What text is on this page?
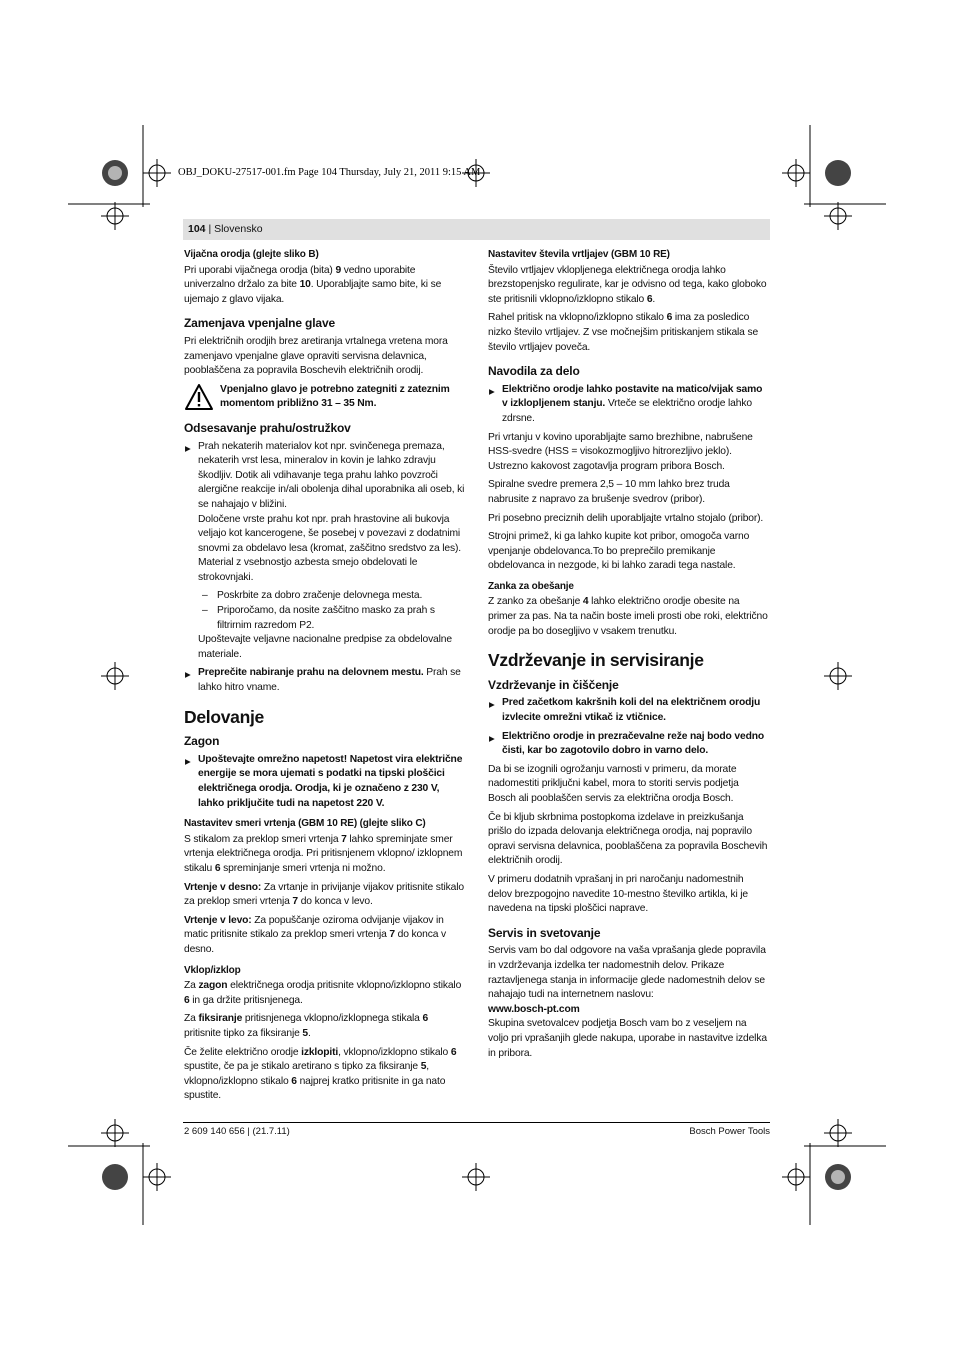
OBJ_DOKU-27517-001.fm Page 104 Thursday, July 21, 2011 9:15 AM
104 | Slovensko
Vijačna orodja (glejte sliko B)

Pri uporabi vijačnega orodja (bita) 9 vedno uporabite univerzalno držalo za bite 10. Uporabljajte samo bite, ki se ujemajo z glavo vijaka.

Zamenjava vpenjalne glave

Pri električnih orodjih brez aretiranja vrtalnega vretena mora zamenjavo vpenjalne glave opraviti servisna delavnica, pooblaščena za popravila Boschevih električnih orodij.

Vpenjalno glavo je potrebno zategniti z zateznim momentom približno 31 – 35 Nm.
Odsesavanje prahu/ostružkov
▶ Prah nekaterih materialov kot npr. svinčenega premaza, nekaterih vrst lesa, mineralov in kovin je lahko zdravju škodljiv. Dotik ali vdihavanje tega prahu lahko povzroči alergične reakcije in/ali obolenja dihal uporabnika ali oseb, ki se nahajajo v bližini.
Določene vrste prahu kot npr. prah hrastovine ali bukovja veljajo kot kancerogene, še posebej v povezavi z dodatnimi snovmi za obdelavo lesa (kromat, zaščitno sredstvo za les). Material z vsebnostjo azbesta smejo obdelovati le strokovnjaki.
– Poskrbite za dobro zračenje delovnega mesta.
– Priporočamo, da nosite zaščitno masko za prah s filtrirnim razredom P2.

Upoštevajte veljavne nacionalne predpise za obdelovalne materiale.

▶ Preprečite nabiranje prahu na delovnem mestu. Prah se lahko hitro vname.
Delovanje
Zagon
▶ Upoštevajte omrežno napetost! Napetost vira električne energije se mora ujemati s podatki na tipski ploščici električnega orodja. Orodja, ki je označeno z 230 V, lahko priključite tudi na napetost 220 V.
Nastavitev smeri vrtenja (GBM 10 RE) (glejte sliko C)

S stikalom za preklop smeri vrtenja 7 lahko spreminjate smer vrtenja električnega orodja. Pri pritisnjenem vklopno/ izklopnem stikalu 6 spreminjanje smeri vrtenja ni možno.

Vrtenje v desno: Za vrtanje in privijanje vijakov pritisnite stikalo za preklop smeri vrtenja 7 do konca v levo.

Vrtenje v levo: Za popuščanje oziroma odvijanje vijakov in matic pritisnite stikalo za preklop smeri vrtenja 7 do konca v desno.

Vklop/izklop

Za zagon električnega orodja pritisnite vklopno/izklopno stikalo 6 in ga držite pritisnjenega.

Za fiksiranje pritisnjenega vklopno/izklopnega stikala 6 pritisnite tipko za fiksiranje 5.

Če želite električno orodje izklopiti, vklopno/izklopno stikalo 6 spustite, če pa je stikalo aretirano s tipko za fiksiranje 5, vklopno/izklopno stikalo 6 najprej kratko pritisnite in ga nato spustite.

Nastavitev števila vrtljajev (GBM 10 RE)

Število vrtljajev vklopljenega električnega orodja lahko brezstopenjsko regulirate, kar je odvisno od tega, kako globoko ste pritisnili vklopno/izklopno stikalo 6.

Rahel pritisk na vklopno/izklopno stikalo 6 ima za posledico nizko število vrtljajev. Z vse močnejšim pritiskanjem stikala se število vrtljajev poveča.

Navodila za delo
▶ Električno orodje lahko postavite na matico/vijak samo v izklopljenem stanju. Vrteče se električno orodje lahko zdrsne.

Pri vrtanju v kovino uporabljajte samo brezhibne, nabrušene HSS-svedre (HSS = visokozmogljivo hitrorezljivo jeklo). Ustrezno kakovost zagotavlja program pribora Bosch.

Spiralne svedre premera 2,5 – 10 mm lahko brez truda nabrusite z napravo za brušenje svedrov (pribor).

Pri posebno preciznih delih uporabljajte vrtalno stojalo (pribor).

Strojni primež, ki ga lahko kupite kot pribor, omogoča varno vpenjanje obdelovanca.To bo preprečilo premikanje obdelovanca in nezgode, ki bi lahko zaradi tega nastale.

Zanka za obešanje

Z zanko za obešanje 4 lahko električno orodje obesite na primer za pas. Na ta način boste imeli prosti obe roki, električno orodje pa bo dosegljivo v vsakem trenutku.

Vzdrževanje in servisiranje
Vzdrževanje in čiščenje
▶ Pred začetkom kakršnih koli del na električnem orodju izvlecite omrežni vtikač iz vtičnice.
▶ Električno orodje in prezračevalne reže naj bodo vedno čisti, kar bo zagotovilo dobro in varno delo.

Da bi se izognili ogrožanju varnosti v primeru, da morate nadomestiti priključni kabel, mora to storiti servis podjetja Bosch ali pooblaščen servis za električna orodja Bosch.

Če bi kljub skrbnima postopkoma izdelave in preizkušanja prišlo do izpada delovanja električnega orodja, naj popravilo opravi servisna delavnica, pooblaščena za popravila Boschevih električnih orodij.

V primeru dodatnih vprašanj in pri naročanju nadomestnih delov brezpogojno navedite 10-mestno številko artikla, ki je navedena na tipski ploščici naprave.

Servis in svetovanje

Servis vam bo dal odgovore na vaša vprašanja glede popravila in vzdrževanja izdelka ter nadomestnih delov. Prikaze raztavljenega stanja in informacije glede nadomestnih delov se nahajajo tudi na internetnem naslovu:

www.bosch-pt.com

Skupina svetovalcev podjetja Bosch vam bo z veseljem na voljo pri vprašanjih glede nakupa, uporabe in nastavitve izdelka in pribora.

2 609 140 656 | (21.7.11)	Bosch Power Tools
